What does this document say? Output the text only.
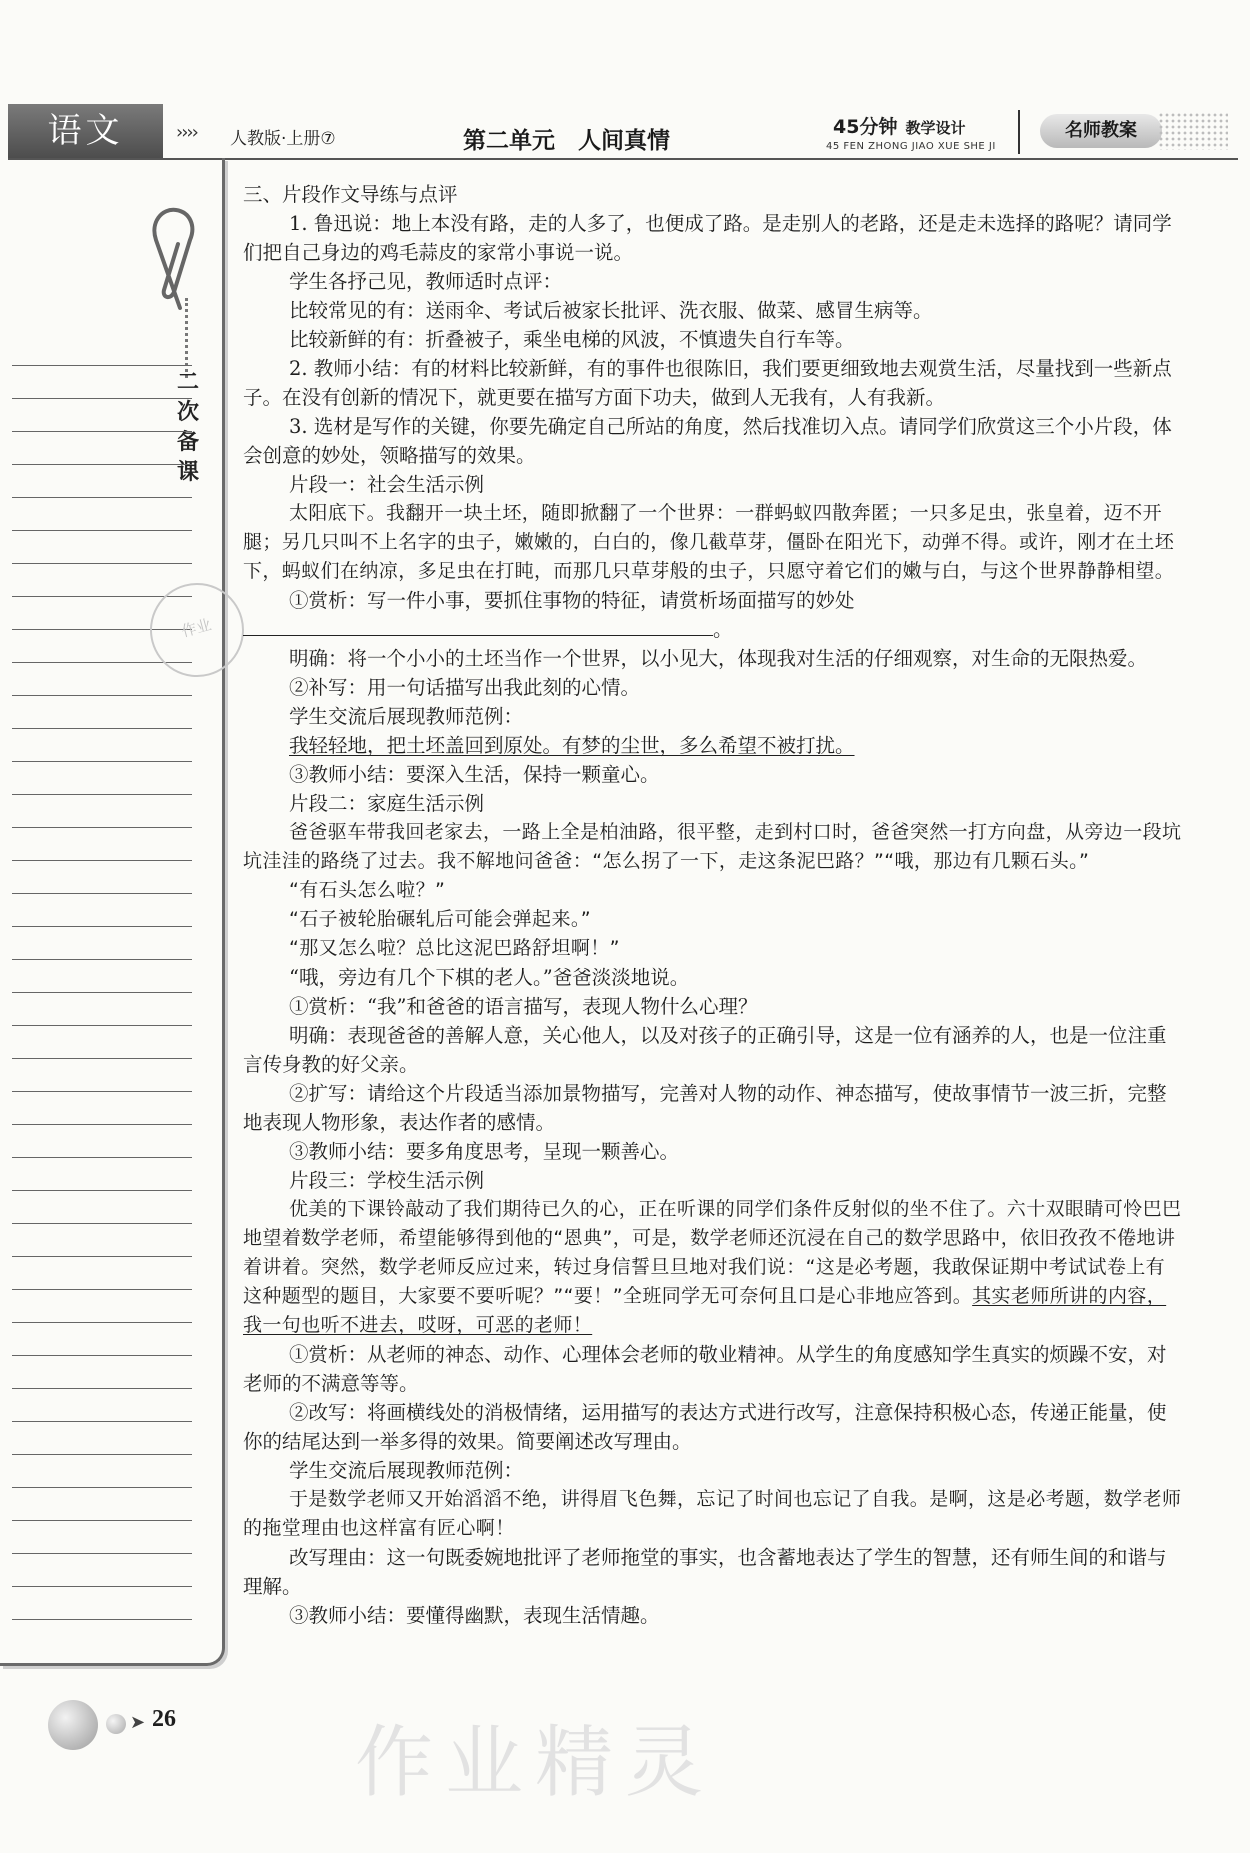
语文	›››› 人教版·上册⑦	第二单元　人间真情
45分钟 教学设计
45 FEN ZHONG JIAO XUE SHE JI
名师教案
二
次
备
课
作业

三、片段作文导练与点评

1. 鲁迅说：地上本没有路，走的人多了，也便成了路。是走别人的老路，还是走未选择的路呢？请同学们把自己身边的鸡毛蒜皮的家常小事说一说。

学生各抒己见，教师适时点评：

比较常见的有：送雨伞、考试后被家长批评、洗衣服、做菜、感冒生病等。

比较新鲜的有：折叠被子，乘坐电梯的风波，不慎遗失自行车等。

2. 教师小结：有的材料比较新鲜，有的事件也很陈旧，我们要更细致地去观赏生活，尽量找到一些新点子。在没有创新的情况下，就更要在描写方面下功夫，做到人无我有，人有我新。

3. 选材是写作的关键，你要先确定自己所站的角度，然后找准切入点。请同学们欣赏这三个小片段，体会创意的妙处，领略描写的效果。

片段一：社会生活示例

太阳底下。我翻开一块土坯，随即掀翻了一个世界：一群蚂蚁四散奔匿；一只多足虫，张皇着，迈不开腿；另几只叫不上名字的虫子，嫩嫩的，白白的，像几截草芽，僵卧在阳光下，动弹不得。或许，刚才在土坯下，蚂蚁们在纳凉，多足虫在打盹，而那几只草芽般的虫子，只愿守着它们的嫩与白，与这个世界静静相望。

①赏析：写一件小事，要抓住事物的特征，请赏析场面描写的妙处。

明确：将一个小小的土坯当作一个世界，以小见大，体现我对生活的仔细观察，对生命的无限热爱。

②补写：用一句话描写出我此刻的心情。

学生交流后展现教师范例：

我轻轻地，把土坯盖回到原处。有梦的尘世，多么希望不被打扰。

③教师小结：要深入生活，保持一颗童心。

片段二：家庭生活示例

爸爸驱车带我回老家去，一路上全是柏油路，很平整，走到村口时，爸爸突然一打方向盘，从旁边一段坑坑洼洼的路绕了过去。我不解地问爸爸：“怎么拐了一下，走这条泥巴路？”“哦，那边有几颗石头。”

“有石头怎么啦？”

“石子被轮胎碾轧后可能会弹起来。”

“那又怎么啦？总比这泥巴路舒坦啊！”

“哦，旁边有几个下棋的老人。”爸爸淡淡地说。

①赏析：“我”和爸爸的语言描写，表现人物什么心理？

明确：表现爸爸的善解人意，关心他人，以及对孩子的正确引导，这是一位有涵养的人，也是一位注重言传身教的好父亲。

②扩写：请给这个片段适当添加景物描写，完善对人物的动作、神态描写，使故事情节一波三折，完整地表现人物形象，表达作者的感情。

③教师小结：要多角度思考，呈现一颗善心。

片段三：学校生活示例

优美的下课铃敲动了我们期待已久的心，正在听课的同学们条件反射似的坐不住了。六十双眼睛可怜巴巴地望着数学老师，希望能够得到他的“恩典”，可是，数学老师还沉浸在自己的数学思路中，依旧孜孜不倦地讲着讲着。突然，数学老师反应过来，转过身信誓旦旦地对我们说：“这是必考题，我敢保证期中考试试卷上有这种题型的题目，大家要不要听呢？”“要！”全班同学无可奈何且口是心非地应答到。其实老师所讲的内容，我一句也听不进去，哎呀，可恶的老师！

①赏析：从老师的神态、动作、心理体会老师的敬业精神。从学生的角度感知学生真实的烦躁不安，对老师的不满意等等。

②改写：将画横线处的消极情绪，运用描写的表达方式进行改写，注意保持积极心态，传递正能量，使你的结尾达到一举多得的效果。简要阐述改写理由。

学生交流后展现教师范例：

于是数学老师又开始滔滔不绝，讲得眉飞色舞，忘记了时间也忘记了自我。是啊，这是必考题，数学老师的拖堂理由也这样富有匠心啊！

改写理由：这一句既委婉地批评了老师拖堂的事实，也含蓄地表达了学生的智慧，还有师生间的和谐与理解。

③教师小结：要懂得幽默，表现生活情趣。

➤ 26 作业精灵
